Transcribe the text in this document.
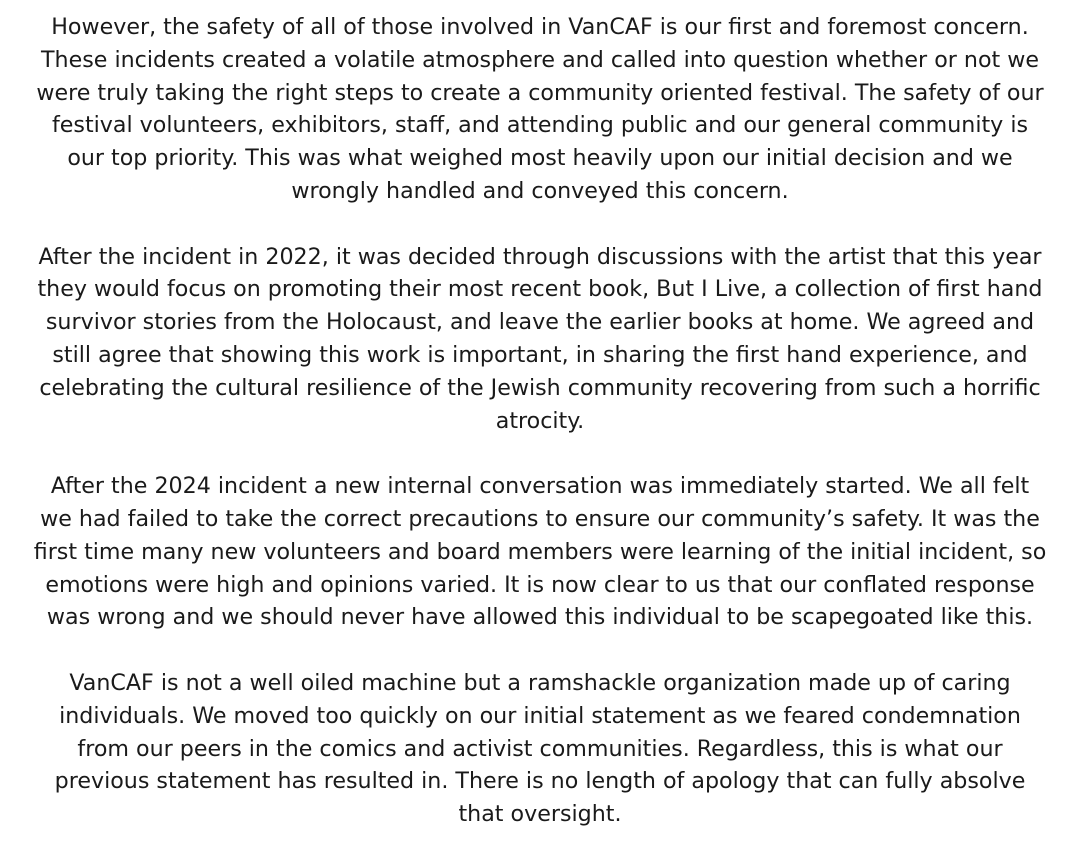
However, the safety of all of those involved in VanCAF is our first and foremost concern.
These incidents created a volatile atmosphere and called into question whether or not we
were truly taking the right steps to create a community oriented festival. The safety of our
festival volunteers, exhibitors, staff, and attending public and our general community is
our top priority. This was what weighed most heavily upon our initial decision and we
wrongly handled and conveyed this concern.

After the incident in 2022, it was decided through discussions with the artist that this year
they would focus on promoting their most recent book, But I Live, a collection of first hand
survivor stories from the Holocaust, and leave the earlier books at home. We agreed and
still agree that showing this work is important, in sharing the first hand experience, and
celebrating the cultural resilience of the Jewish community recovering from such a horrific
atrocity.

After the 2024 incident a new internal conversation was immediately started. We all felt
we had failed to take the correct precautions to ensure our community’s safety. It was the
first time many new volunteers and board members were learning of the initial incident, so
emotions were high and opinions varied. It is now clear to us that our conflated response
was wrong and we should never have allowed this individual to be scapegoated like this.

VanCAF is not a well oiled machine but a ramshackle organization made up of caring
individuals. We moved too quickly on our initial statement as we feared condemnation
from our peers in the comics and activist communities. Regardless, this is what our
previous statement has resulted in. There is no length of apology that can fully absolve
that oversight.
